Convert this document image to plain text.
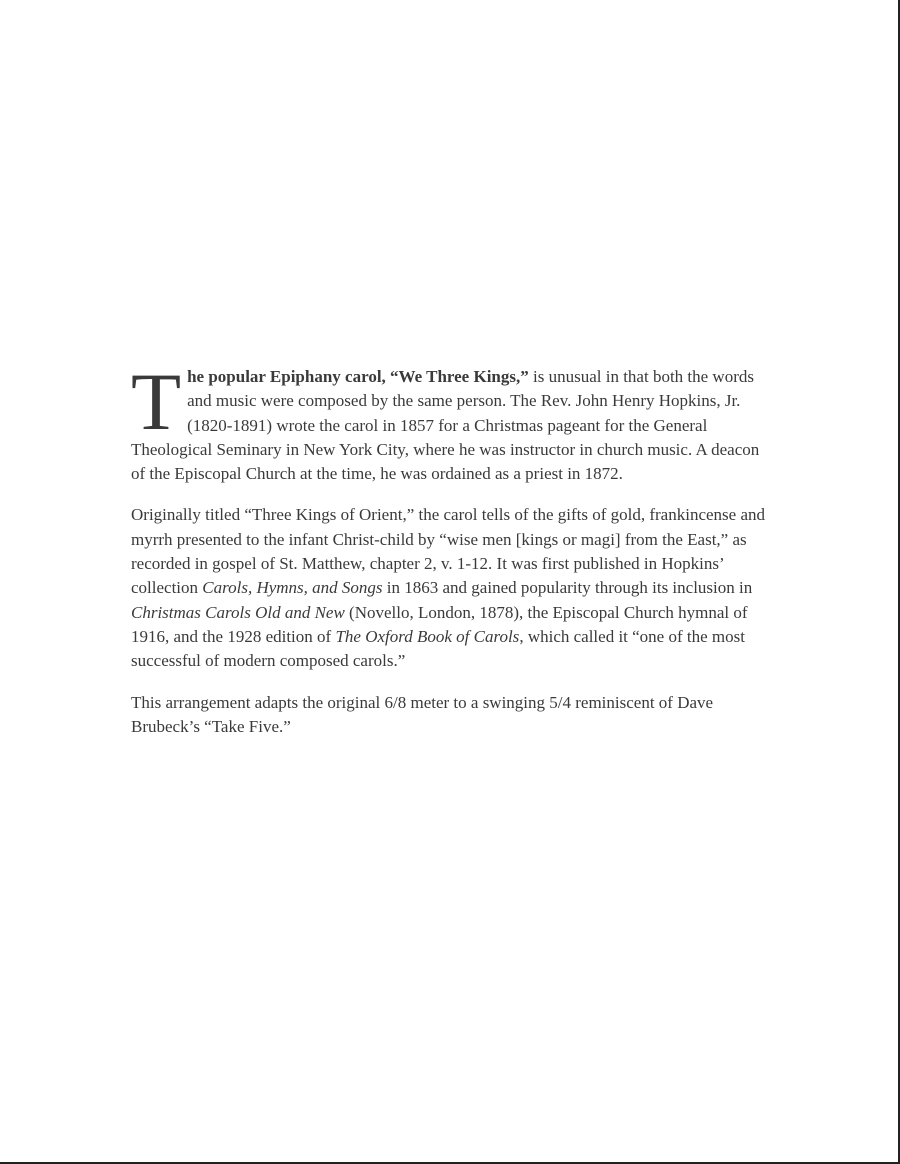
The popular Epiphany carol, “We Three Kings,” is unusual in that both the words and music were composed by the same person. The Rev. John Henry Hopkins, Jr. (1820-1891) wrote the carol in 1857 for a Christmas pageant for the General Theological Seminary in New York City, where he was instructor in church music. A deacon of the Episcopal Church at the time, he was ordained as a priest in 1872.

Originally titled “Three Kings of Orient,” the carol tells of the gifts of gold, frankincense and myrrh presented to the infant Christ-child by “wise men [kings or magi] from the East,” as recorded in gospel of St. Matthew, chapter 2, v. 1-12. It was first published in Hopkins’ collection Carols, Hymns, and Songs in 1863 and gained popularity through its inclusion in Christmas Carols Old and New (Novello, London, 1878), the Episcopal Church hymnal of 1916, and the 1928 edition of The Oxford Book of Carols, which called it “one of the most successful of modern composed carols.”

This arrangement adapts the original 6/8 meter to a swinging 5/4 reminiscent of Dave Brubeck’s “Take Five.”
